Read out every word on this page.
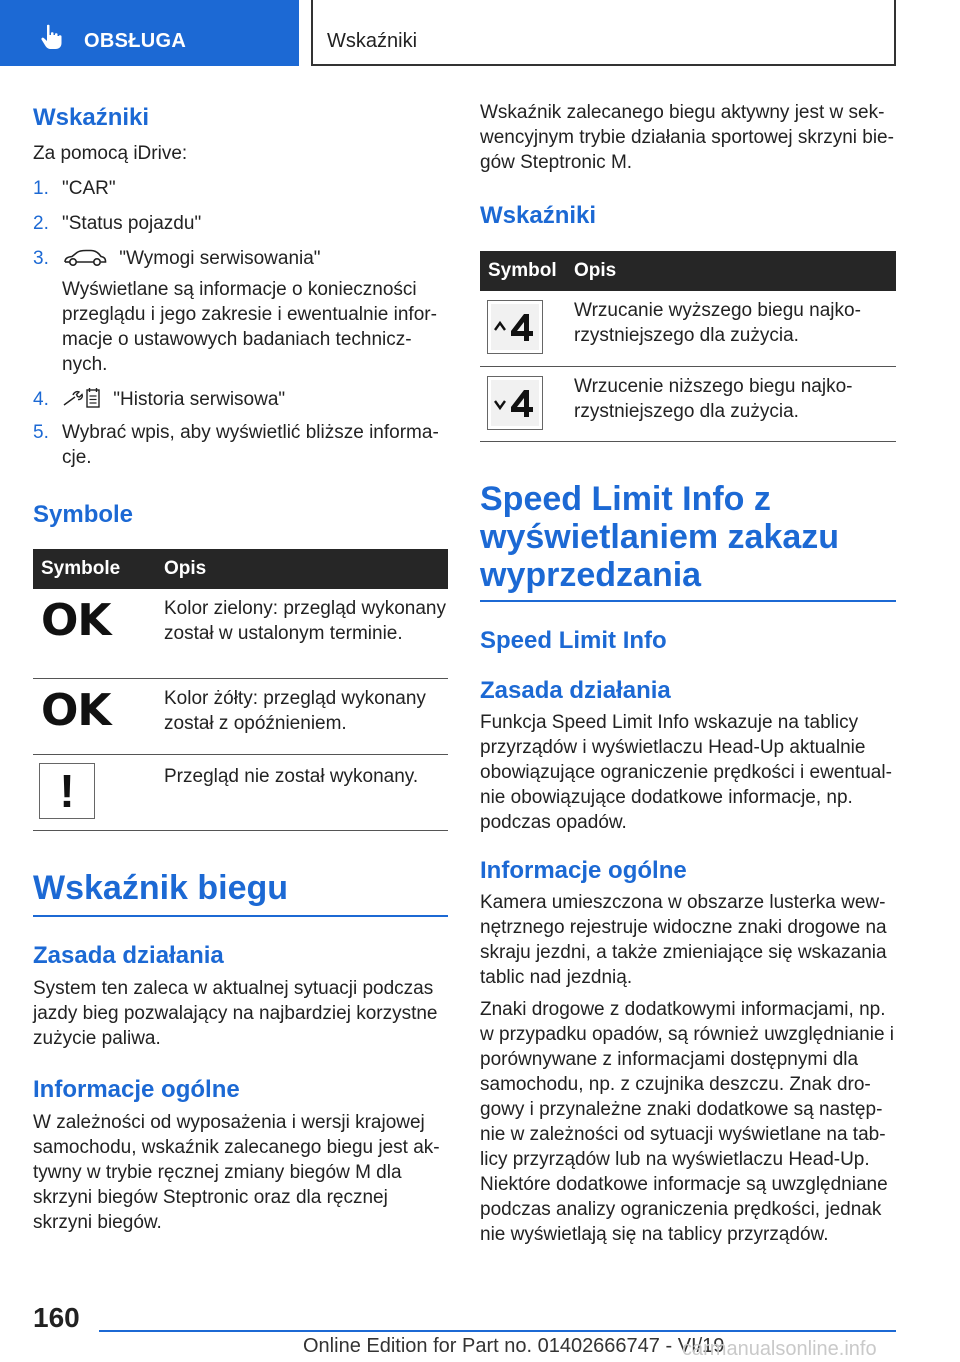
OBSŁUGA	Wskaźniki
Wskaźniki
Za pomocą iDrive:
1. "CAR"
2. "Status pojazdu"
3.	"Wymogi serwisowania"
Wyświetlane są informacje o konieczności przeglądu i jego zakresie i ewentualnie informacje o ustawowych badaniach technicznych.
4.	"Historia serwisowa"
5. Wybrać wpis, aby wyświetlić bliższe informacje.
Symbole
Symbole	Opis
OK	Kolor zielony: przegląd wykonany został w ustalonym terminie.
OK	Kolor żółty: przegląd wykonany został z opóźnieniem.

!	Przegląd nie został wykonany.
Wskaźnik biegu
Zasada działania
System ten zaleca w aktualnej sytuacji podczas jazdy bieg pozwalający na najbardziej korzystne zużycie paliwa.
Informacje ogólne
W zależności od wyposażenia i wersji krajowej samochodu, wskaźnik zalecanego biegu jest aktywny w trybie ręcznej zmiany biegów M dla skrzyni biegów Steptronic oraz dla ręcznej skrzyni biegów.
Wskaźnik zalecanego biegu aktywny jest w sekwencyjnym trybie działania sportowej skrzyni biegów Steptronic M.
Wskaźniki
Symbol	Opis
	Wrzucanie wyższego biegu najkorzystniejszego dla zużycia.
	Wrzucenie niższego biegu najkorzystniejszego dla zużycia.
Speed Limit Info z wyświetlaniem zakazu wyprzedzania
Speed Limit Info
Zasada działania
Funkcja Speed Limit Info wskazuje na tablicy przyrządów i wyświetlaczu Head-Up aktualnie obowiązujące ograniczenie prędkości i ewentualnie obowiązujące dodatkowe informacje, np. podczas opadów.
Informacje ogólne
Kamera umieszczona w obszarze lusterka wewnętrznego rejestruje widoczne znaki drogowe na skraju jezdni, a także zmieniające się wskazania tablic nad jezdnią.
Znaki drogowe z dodatkowymi informacjami, np. w przypadku opadów, są również uwzględnianie i porównywane z informacjami dostępnymi dla samochodu, np. z czujnika deszczu. Znak drogowy i przynależne znaki dodatkowe są następnie w zależności od sytuacji wyświetlane na tablicy przyrządów lub na wyświetlaczu Head-Up. Niektóre dodatkowe informacje są uwzględniane podczas analizy ograniczenia prędkości, jednak nie wyświetlają się na tablicy przyrządów.
160
Online Edition for Part no. 01402666747 - VI/19
carmanualsonline.info
